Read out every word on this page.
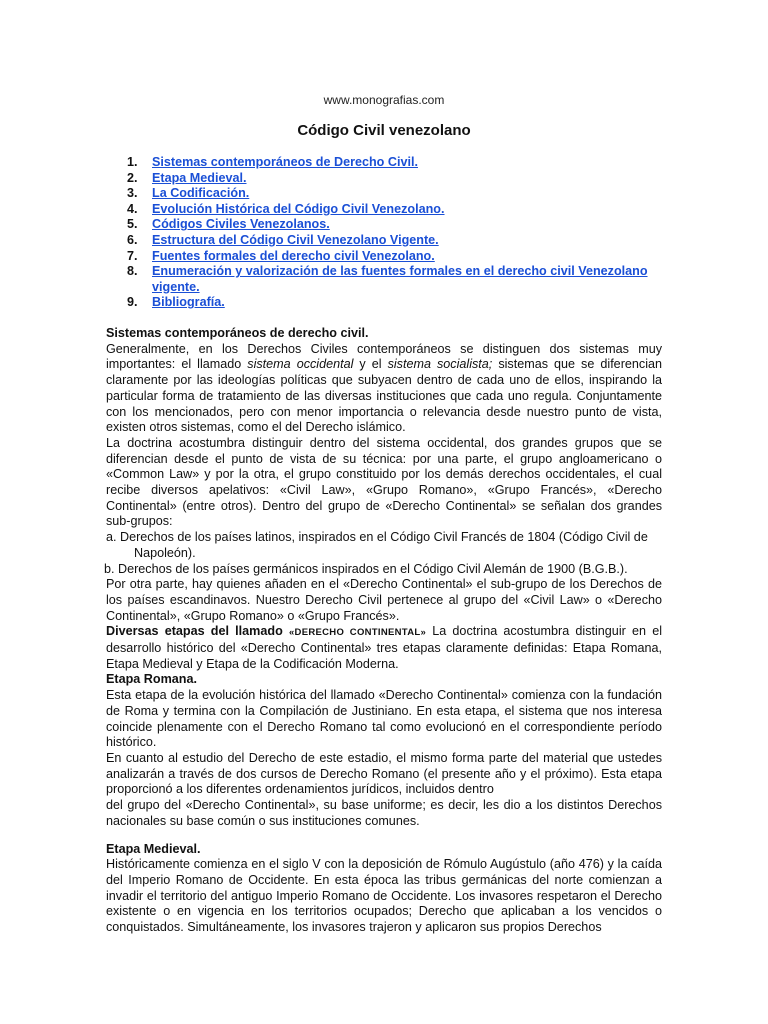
www.monografias.com
Código Civil venezolano
1. Sistemas contemporáneos de Derecho Civil.
2. Etapa Medieval.
3. La Codificación.
4. Evolución Histórica del Código Civil Venezolano.
5. Códigos Civiles Venezolanos.
6. Estructura del Código Civil Venezolano Vigente.
7. Fuentes formales del derecho civil Venezolano.
8. Enumeración y valorización de las fuentes formales en el derecho civil Venezolano vigente.
9. Bibliografía.

Sistemas contemporáneos de derecho civil.

Generalmente, en los Derechos Civiles contemporáneos se distinguen dos sistemas muy importantes: el llamado sistema occidental y el sistema socialista; sistemas que se diferencian claramente por las ideologías políticas que subyacen dentro de cada uno de ellos, inspirando la particular forma de tratamiento de las diversas instituciones que cada uno regula. Conjuntamente con los mencionados, pero con menor importancia o relevancia desde nuestro punto de vista, existen otros sistemas, como el del Derecho islámico.

La doctrina acostumbra distinguir dentro del sistema occidental, dos grandes grupos que se diferencian desde el punto de vista de su técnica: por una parte, el grupo angloamericano o «Common Law» y por la otra, el grupo constituido por los demás derechos occidentales, el cual recibe diversos apelativos: «Civil Law», «Grupo Romano», «Grupo Francés», «Derecho Continental» (entre otros). Dentro del grupo de «Derecho Continental» se señalan dos grandes sub-grupos:

a. Derechos de los países latinos, inspirados en el Código Civil Francés de 1804 (Código Civil de Napoleón).

b. Derechos de los países germánicos inspirados en el Código Civil Alemán de 1900 (B.G.B.).

Por otra parte, hay quienes añaden en el «Derecho Continental» el sub-grupo de los Derechos de los países escandinavos. Nuestro Derecho Civil pertenece al grupo del «Civil Law» o «Derecho Continental», «Grupo Romano» o «Grupo Francés».

Diversas etapas del llamado «DERECHO CONTINENTAL» La doctrina acostumbra distinguir en el desarrollo histórico del «Derecho Continental» tres etapas claramente definidas: Etapa Romana, Etapa Medieval y Etapa de la Codificación Moderna.

Etapa Romana.

Esta etapa de la evolución histórica del llamado «Derecho Continental» comienza con la fundación de Roma y termina con la Compilación de Justiniano. En esta etapa, el sistema que nos interesa coincide plenamente con el Derecho Romano tal como evolucionó en el correspondiente período histórico.

En cuanto al estudio del Derecho de este estadio, el mismo forma parte del material que ustedes analizarán a través de dos cursos de Derecho Romano (el presente año y el próximo). Esta etapa proporcionó a los diferentes ordenamientos jurídicos, incluidos dentro

del grupo del «Derecho Continental», su base uniforme; es decir, les dio a los distintos Derechos nacionales su base común o sus instituciones comunes.

Etapa Medieval.

Históricamente comienza en el siglo V con la deposición de Rómulo Augústulo (año 476) y la caída del Imperio Romano de Occidente. En esta época las tribus germánicas del norte comienzan a invadir el territorio del antiguo Imperio Romano de Occidente. Los invasores respetaron el Derecho existente o en vigencia en los territorios ocupados; Derecho que aplicaban a los vencidos o conquistados. Simultáneamente, los invasores trajeron y aplicaron sus propios Derechos
